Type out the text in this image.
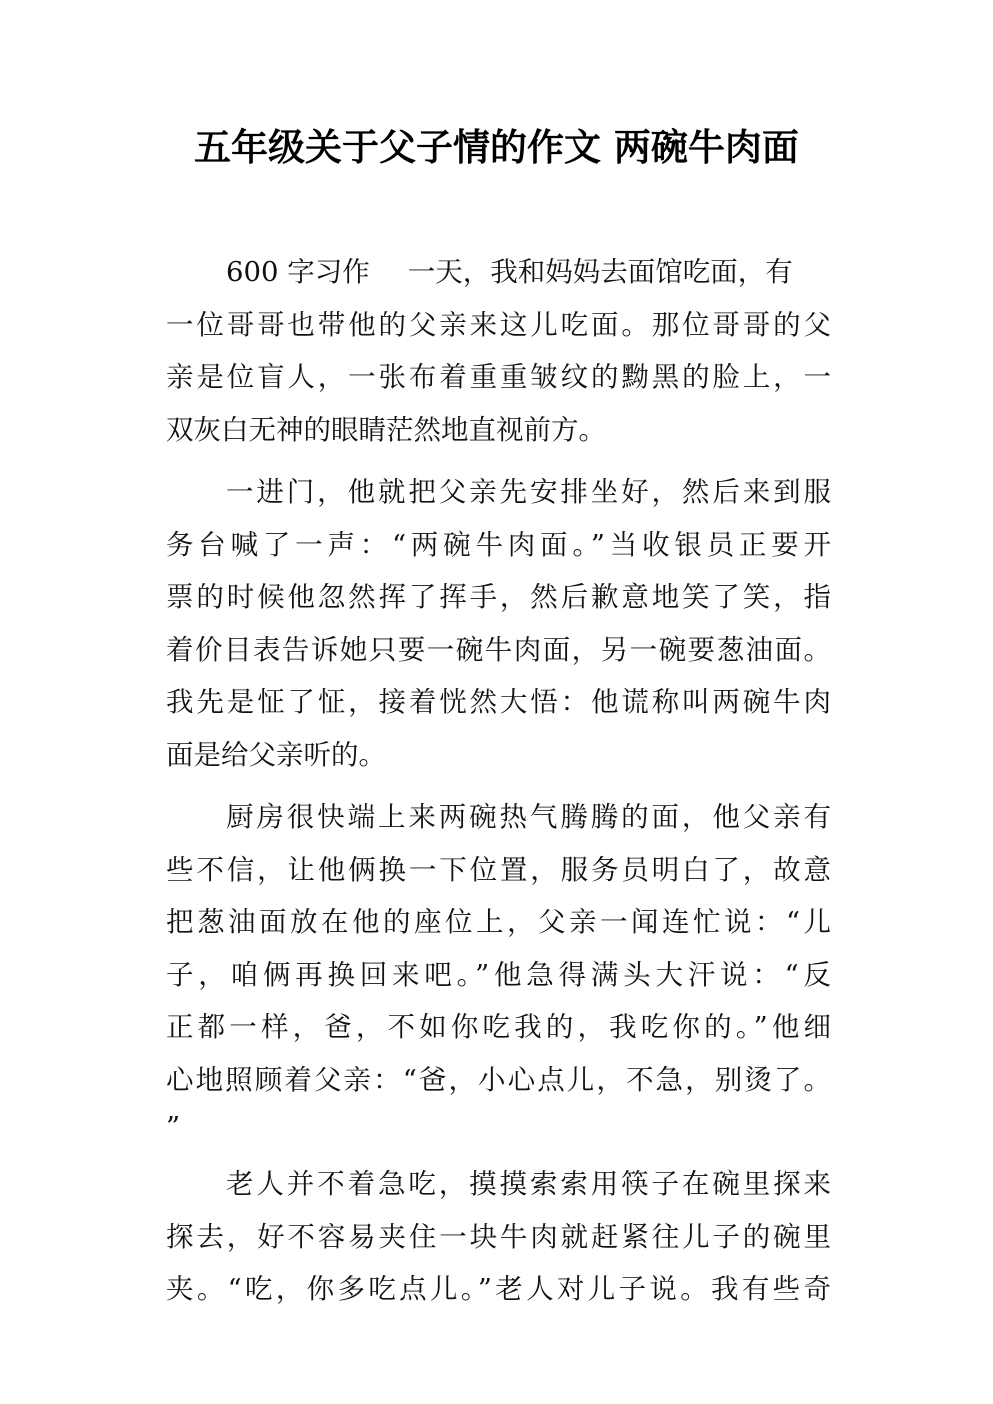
五年级关于父子情的作文 两碗牛肉面
600 字习作 一天，我和妈妈去面馆吃面，有
一位哥哥也带他的父亲来这儿吃面。那位哥哥的父
亲是位盲人，一张布着重重皱纹的黝黑的脸上，一
双灰白无神的眼睛茫然地直视前方。
一进门，他就把父亲先安排坐好，然后来到服
务台喊了一声：“两碗牛肉面。”当收银员正要开
票的时候他忽然挥了挥手，然后歉意地笑了笑，指
着价目表告诉她只要一碗牛肉面，另一碗要葱油面。
我先是怔了怔，接着恍然大悟：他谎称叫两碗牛肉
面是给父亲听的。
厨房很快端上来两碗热气腾腾的面，他父亲有
些不信，让他俩换一下位置，服务员明白了，故意
把葱油面放在他的座位上，父亲一闻连忙说：“儿
子，咱俩再换回来吧。”他急得满头大汗说：“反
正都一样，爸，不如你吃我的，我吃你的。”他细
心地照顾着父亲：“爸，小心点儿，不急，别烫了。
”
老人并不着急吃，摸摸索索用筷子在碗里探来
探去，好不容易夹住一块牛肉就赶紧往儿子的碗里
夹。“吃，你多吃点儿。”老人对儿子说。我有些奇
